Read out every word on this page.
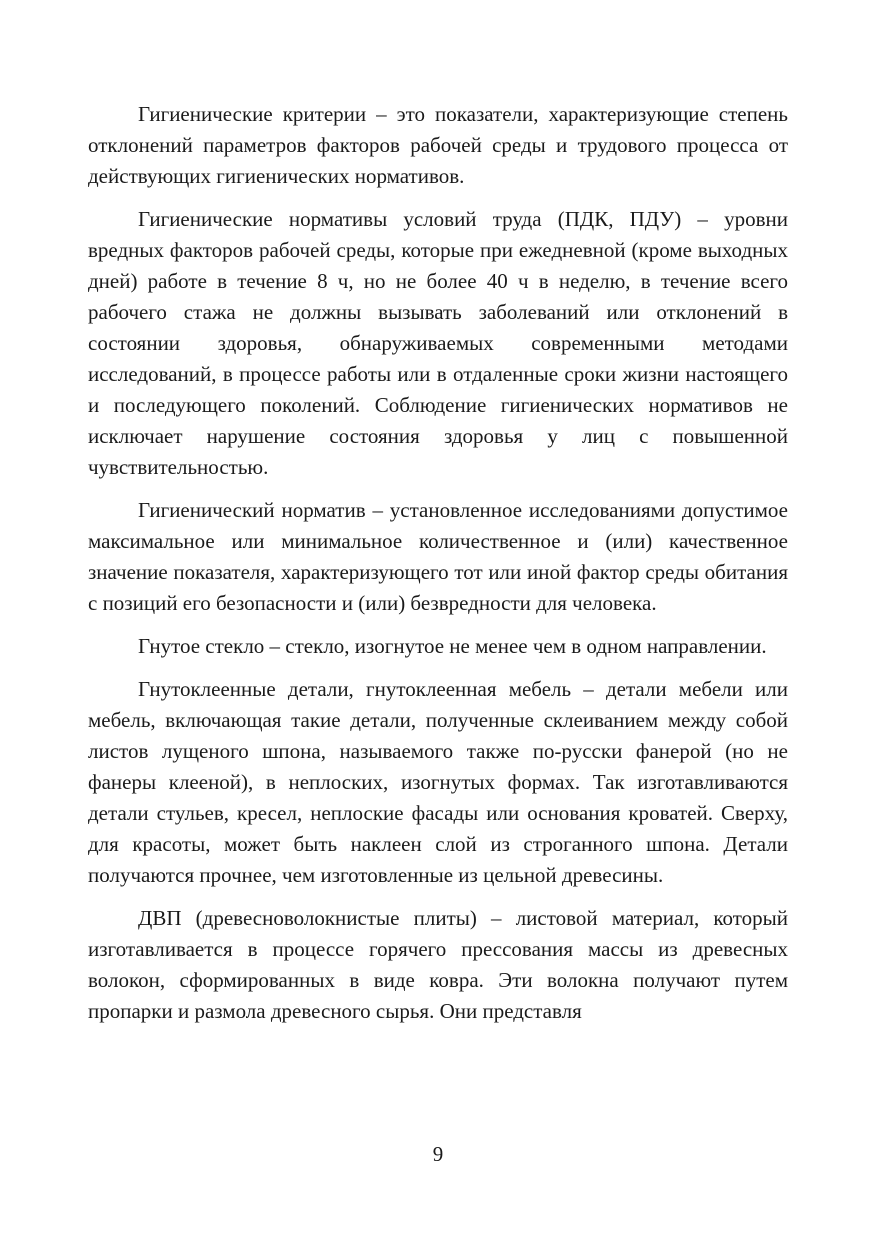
Гигиенические критерии – это показатели, характеризующие степень отклонений параметров факторов рабочей среды и трудового процесса от действующих гигиенических нормативов.

Гигиенические нормативы условий труда (ПДК, ПДУ) – уровни вредных факторов рабочей среды, которые при ежедневной (кроме выходных дней) работе в течение 8 ч, но не более 40 ч в неделю, в течение всего рабочего стажа не должны вызывать заболеваний или отклонений в состоянии здоровья, обнаруживаемых современными методами исследований, в процессе работы или в отдаленные сроки жизни настоящего и последующего поколений. Соблюдение гигиенических нормативов не исключает нарушение состояния здоровья у лиц с повышенной чувствительностью.

Гигиенический норматив – установленное исследованиями допустимое максимальное или минимальное количественное и (или) качественное значение показателя, характеризующего тот или иной фактор среды обитания с позиций его безопасности и (или) безвредности для человека.

Гнутое стекло – стекло, изогнутое не менее чем в одном направлении.

Гнутоклеенные детали, гнутоклеенная мебель – детали мебели или мебель, включающая такие детали, полученные склеиванием между собой листов лущеного шпона, называемого также по-русски фанерой (но не фанеры клееной), в неплоских, изогнутых формах. Так изготавливаются детали стульев, кресел, неплоские фасады или основания кроватей. Сверху, для красоты, может быть наклеен слой из строганного шпона. Детали получаются прочнее, чем изготовленные из цельной древесины.

ДВП (древесноволокнистые плиты) – листовой материал, который изготавливается в процессе горячего прессования массы из древесных волокон, сформированных в виде ковра. Эти волокна получают путем пропарки и размола древесного сырья. Они представля

9
